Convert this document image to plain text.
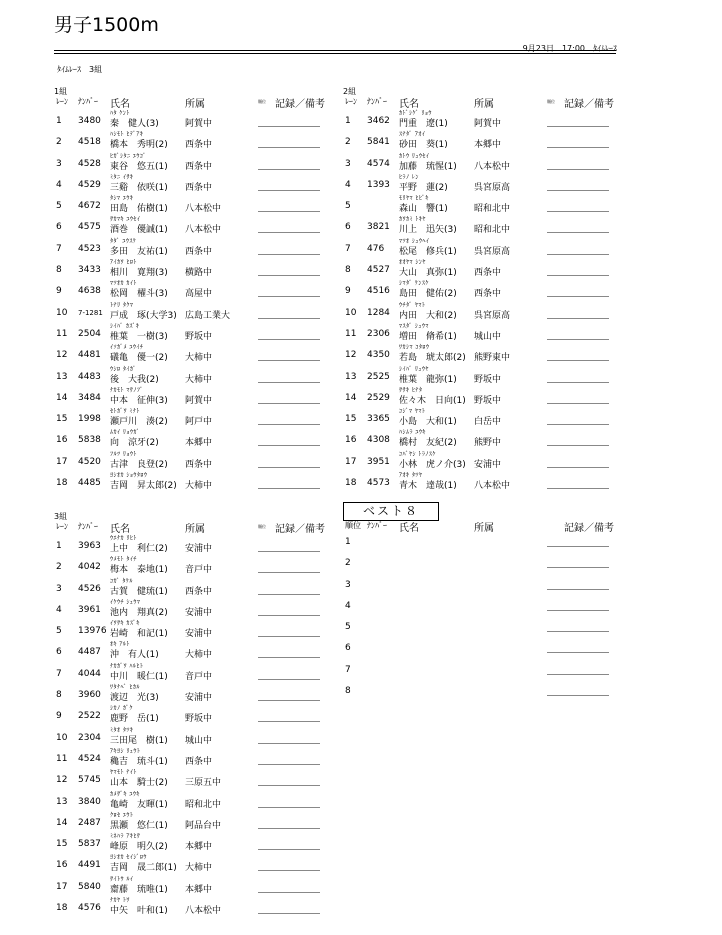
男子1500m
9月23日　17:00　ﾀｲﾑﾚｰｽ
ﾀｲﾑﾚｰｽ　3組
1組
ﾚｰﾝ ﾅﾝﾊﾞｰ 氏名	所属	順位 記録／備考
ﾊﾀ ｹﾝﾄ
1 3480 秦　健人(3)	阿賀中
ﾊｼﾓﾄ ﾋﾃﾞｱｷ
2 4518 橋本　秀明(2) 西条中
ﾋｶﾞｼﾀﾆ ﾕｳｺﾞ
3 4528 東谷　悠五(1) 西条中
ﾐﾀﾆ ｲｻｷ
4 4529 三谿　依咲(1) 西条中
ﾀｼﾏ ﾕｳｷ
5 4672 田島　佑樹(1) 八本松中
ｻｶﾏｷ ﾕｳｾｲ
6 4575 酒巻　優誠(1) 八本松中
ﾀﾀﾞ ﾕｳｽｹ
7 4523 多田　友祐(1) 西条中
ｱｲｶﾜ ﾋﾛﾄ
8 3433 相川　寛翔(3) 横路中
ﾏﾂｵｶ ｶｲﾄ
9 4638 松岡　櫂斗(3) 高屋中
ﾄﾅﾘ ﾀｸﾏ
10 7-1281 戸成　琢(大学3) 広島工業大
ｼｲﾊﾞ ｶｽﾞｷ
11 2504 椎葉　一樹(3) 野坂中
ｲｿｶﾞﾒ ﾕｳｲﾁ
12 4481 礒亀　優一(2) 大柿中
ｳｼﾛ ﾀｲｶﾞ
13 4483 後　大我(2)	大柿中
ﾅｶﾓﾄ ﾏｻﾉﾌﾞ
14 3484 中本　征伸(3) 阿賀中
ｾﾄｶﾞﾜ ﾐﾅﾄ
15 1998 瀬戸川　湊(2) 阿戸中
ﾑｶｲ ﾘｮｳｶﾞ
16 5838 向　涼牙(2)	本郷中
ﾌﾙﾂ ﾘｮｳﾄ
17 4520 古津　良登(2) 西条中
ﾖｼｵｶ ｼｮｳﾀﾛｳ
18 4485 吉岡　昇太郎(2) 大柿中
2組
ﾚｰﾝ ﾅﾝﾊﾞｰ 氏名	所属	順位 記録／備考
ｶﾄﾞｼｹﾞ ﾘｮｳ
1 3462 門重　遼(1)	阿賀中
ｽﾅﾀﾞ ｱｵｲ
2 5841 砂田　葵(1)	本郷中
ｶﾄｳ ﾘｭｳｾｲ
3 4574 加藤　琉惺(1) 八本松中
ﾋﾗﾉ ﾚﾝ
4 1393 平野　蓮(2)	呉宮原高
ﾓﾘﾔﾏ ﾋﾋﾞｷ
5	森山　響(1)	昭和北中
ｶﾜｶﾐ ﾄｷﾔ
6 3821 川上　迅矢(3) 昭和北中
ﾏﾂｵ ｼｭｳﾍｲ
7 476 松尾　修兵(1) 呉宮原高
ｵｵﾔﾏ ｼﾝﾔ
8 4527 大山　真弥(1) 西条中
ｼﾏﾀﾞ ｹﾝｽｹ
9 4516 島田　健佑(2) 西条中
ｳﾁﾀﾞ ﾔﾏﾄ
10 1284 内田　大和(2) 呉宮原高
ﾏｽﾀﾞ ｼｭｳﾏ
11 2306 増田　脩希(1) 城山中
ﾜｶｼﾏ ｺﾀﾛｳ
12 4350 若島　琥太郎(2) 熊野東中
ｼｲﾊﾞ ﾘｭｳﾔ
13 2525 椎葉　龍弥(1) 野坂中
ｻｻｷ ﾋﾅﾀ
14 2529 佐々木　日向(1) 野坂中
ｺｼﾞﾏ ﾔﾏﾄ
15 3365 小島　大和(1) 白岳中
ﾊｼﾑﾗ ﾕｳｷ
16 4308 橋村　友紀(2) 熊野中
ｺﾊﾞﾔｼ ﾄﾗﾉｽｹ
17 3951 小林　虎ノ介(3) 安浦中
ｱｵｷ ﾀﾂﾔ
18 4573 青木　達哉(1) 八本松中
3組
ﾚｰﾝ ﾅﾝﾊﾞｰ 氏名	所属	順位 記録／備考
ｳｴﾅｶ ﾘﾋﾄ
1 3963 上中　利仁(2) 安浦中
ｳﾒﾓﾄ ﾀｲﾁ
2 4042 梅本　泰地(1) 音戸中
ｺｶﾞ ﾀｹﾙ
3 4526 古賀　健琉(1) 西条中
ｲｹｳﾁ ｼｭｳﾏ
4 3961 池内　翔真(2) 安浦中
ｲﾜｻｷ ｶｽﾞｷ
5 13976 岩崎　和記(1) 安浦中
ｵｷ ｱﾙﾄ
6 4487 沖　有人(1)	大柿中
ﾅｶｶﾞﾜ ﾊﾙﾋﾄ
7 4044 中川　暖仁(1) 音戸中
ﾜﾀﾅﾍﾞ ﾋｶﾙ
8 3960 渡辺　光(3)	安浦中
ｼｶﾉ ｶﾞｸ
9 2522 鹿野　岳(1)	野坂中
ﾐﾀｵ ﾀﾂｷ
10 2304 三田尾　樹(1) 城山中
ｱｷﾖｼ ﾘｭｳﾄ
11 4524 穐吉　琉斗(1) 西条中
ﾔﾏﾓﾄ ﾅｲﾄ
12 5745 山本　騎士(2) 三原五中
ｶﾒｻﾞｷ ﾕｳｷ
13 3840 亀崎　友暉(1) 昭和北中
ｸﾛｾ ﾕｳﾄ
14 2487 黒瀬　悠仁(1) 阿品台中
ﾐﾈﾊﾗ ｱｷﾋｻ
15 5837 峰原　明久(2) 本郷中
ﾖｼｵｶ ｾｲｼﾞﾛｳ
16 4491 吉岡　晟二郎(1) 大柿中
ｻｲﾄｳ ﾙｲ
17 5840 齋藤　琉唯(1) 本郷中
ﾅｶﾔ ﾄﾜ
18 4576 中矢　叶和(1) 八本松中
ベスト８
順位 ﾅﾝﾊﾞｰ 氏名	所属	記録／備考
1
2
3
4
5
6
7
8
